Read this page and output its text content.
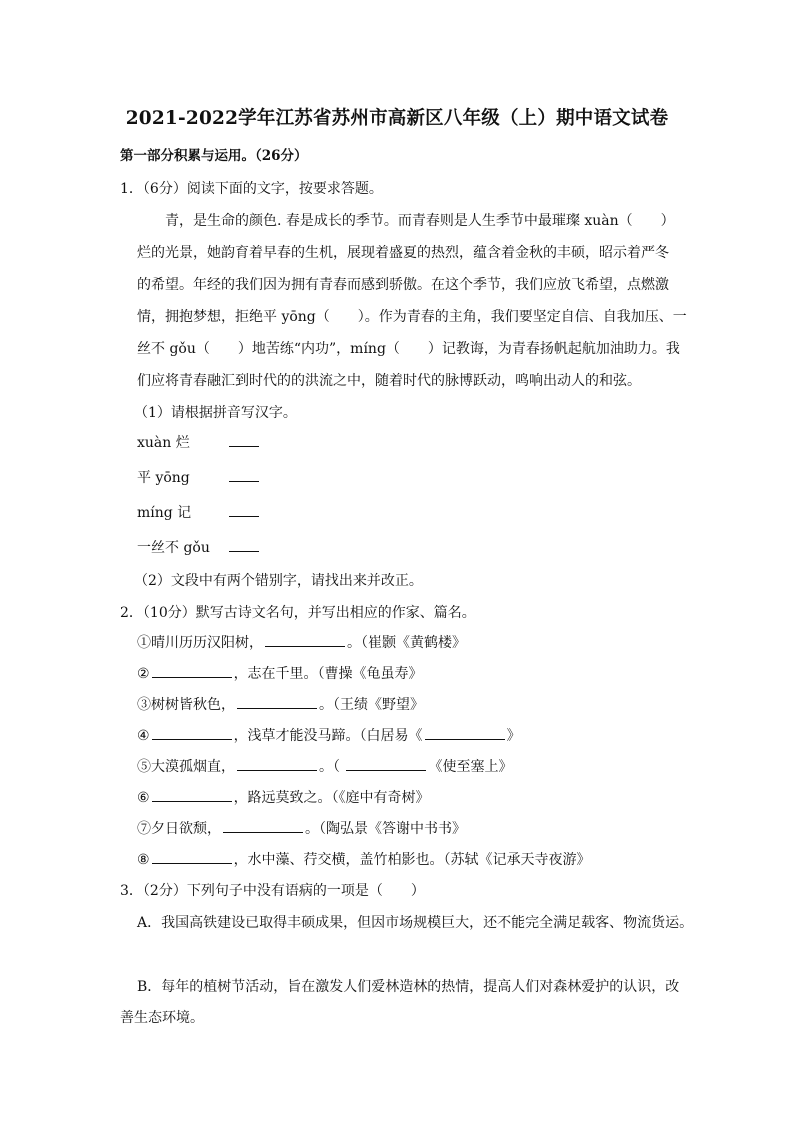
2021-2022学年江苏省苏州市高新区八年级（上）期中语文试卷
第一部分积累与运用。（26分）
1．（6分）阅读下面的文字，按要求答题。
　　青，是生命的颜色. 春是成长的季节。而青春则是人生季节中最璀璨 xuàn（　　）
烂的光景，她韵育着早春的生机，展现着盛夏的热烈，蕴含着金秋的丰硕，昭示着严冬
的希望。年经的我们因为拥有青春而感到骄傲。在这个季节，我们应放飞希望，点燃激
情，拥抱梦想，拒绝平 yōng（　　）。作为青春的主角，我们要坚定自信、自我加压、一
丝不 gǒu（　　）地苦练“内功”，míng（　　）记教诲，为青春扬帆起航加油助力。我
们应将青春融汇到时代的的洪流之中，随着时代的脉博跃动，鸣响出动人的和弦。
（1）请根据拼音写汉字。
xuàn 烂
平 yōng
míng 记
一丝不 gǒu
（2）文段中有两个错别字，请找出来并改正。
2．（10分）默写古诗文名句，并写出相应的作家、篇名。
①晴川历历汉阳树，	。（崔颢《黄鹤楼》
②	，志在千里。（曹操《龟虽寿》
③树树皆秋色，	。（王绩《野望》
④	，浅草才能没马蹄。（白居易《	》
⑤大漠孤烟直，	。（	《使至塞上》
⑥	，路远莫致之。（《庭中有奇树》
⑦夕日欲颓，	。（陶弘景《答谢中书书》
⑧	，水中藻、荇交横，盖竹柏影也。（苏轼《记承天寺夜游》
3．（2分）下列句子中没有语病的一项是（　　）
A．我国高铁建设已取得丰硕成果，但因市场规模巨大，还不能完全满足载客、物流货运。
B．每年的植树节活动，旨在激发人们爱林造林的热情，提高人们对森林爱护的认识，改
善生态环境。
